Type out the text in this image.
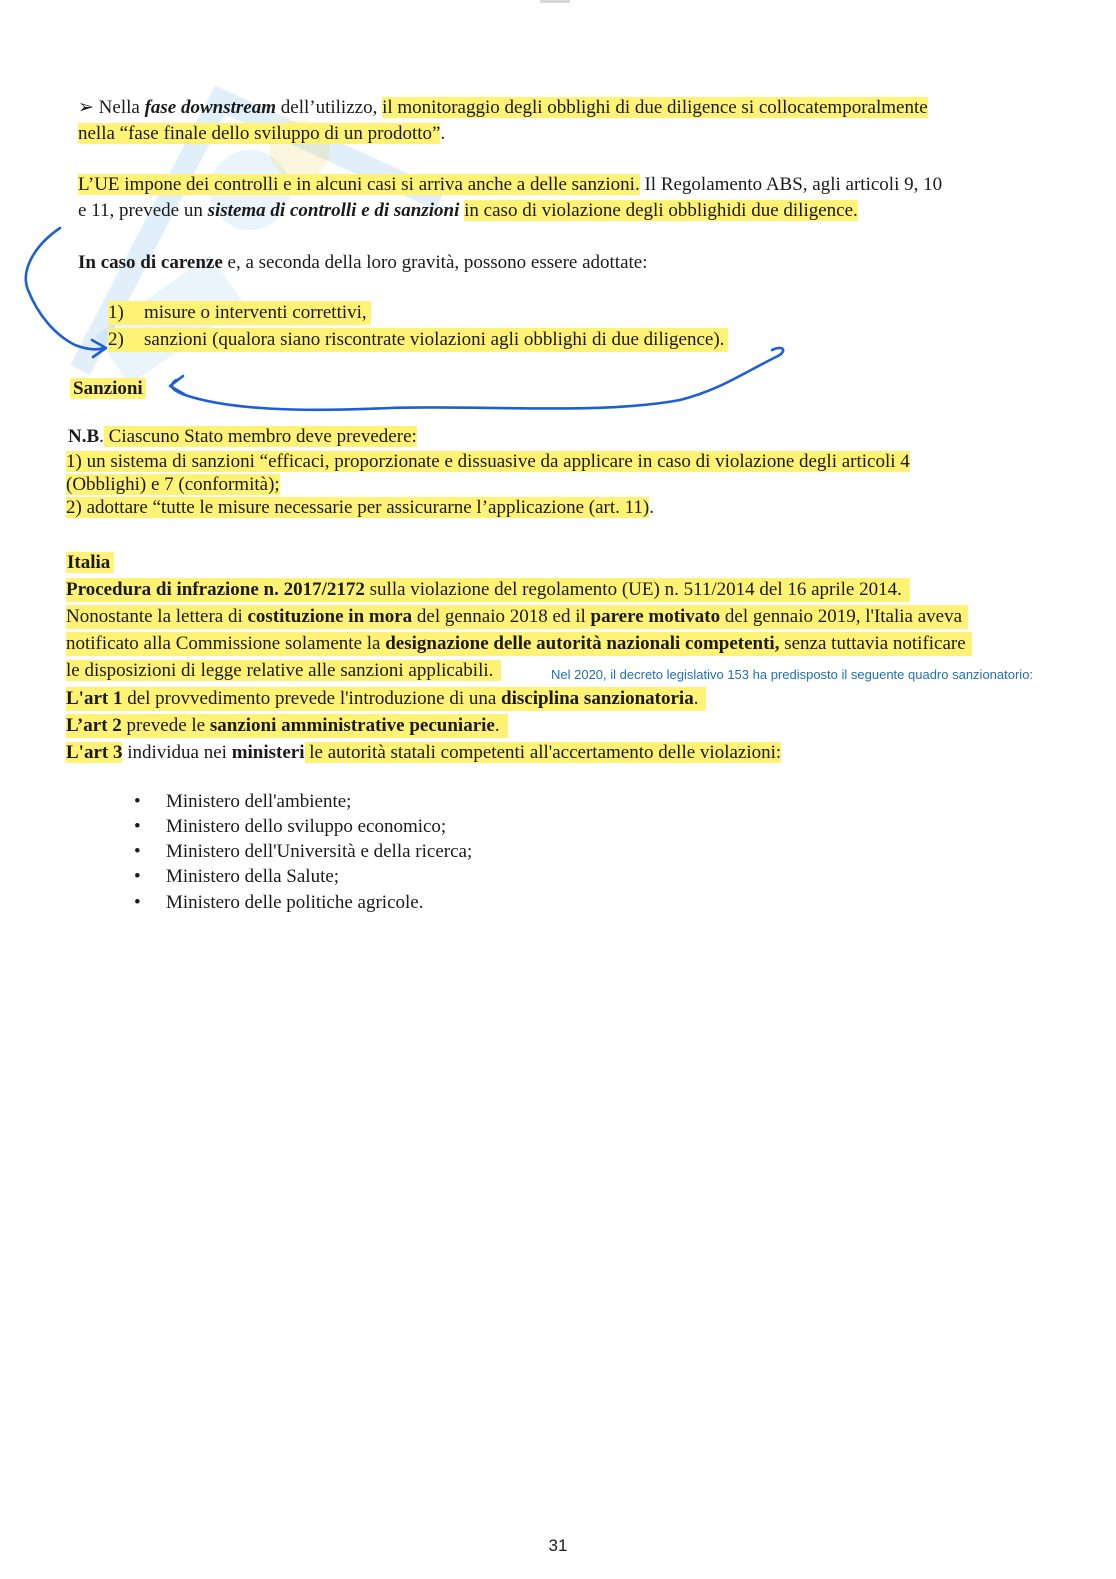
➢ Nella fase downstream dell’utilizzo, il monitoraggio degli obblighi di due diligence si collocatemporalmente
nella “fase finale dello sviluppo di un prodotto”.
L’UE impone dei controlli e in alcuni casi si arriva anche a delle sanzioni. Il Regolamento ABS, agli articoli 9, 10
e 11, prevede un sistema di controlli e di sanzioni in caso di violazione degli obblighidi due diligence.
In caso di carenze e, a seconda della loro gravità, possono essere adottate:
1) misure o interventi correttivi,
2) sanzioni (qualora siano riscontrate violazioni agli obblighi di due diligence).
Sanzioni
N.B. Ciascuno Stato membro deve prevedere:
1) un sistema di sanzioni “efficaci, proporzionate e dissuasive da applicare in caso di violazione degli articoli 4
(Obblighi) e 7 (conformità);
2) adottare “tutte le misure necessarie per assicurarne l’applicazione (art. 11).
Italia
Procedura di infrazione n. 2017/2172 sulla violazione del regolamento (UE) n. 511/2014 del 16 aprile 2014.
Nonostante la lettera di costituzione in mora del gennaio 2018 ed il parere motivato del gennaio 2019, l'Italia aveva
notificato alla Commissione solamente la designazione delle autorità nazionali competenti, senza tuttavia notificare
le disposizioni di legge relative alle sanzioni applicabili.	Nel 2020, il decreto legislativo 153 ha predisposto il seguente quadro sanzionatorio:
L'art 1 del provvedimento prevede l'introduzione di una disciplina sanzionatoria.
L’art 2 prevede le sanzioni amministrative pecuniarie.
L'art 3 individua nei ministeri le autorità statali competenti all'accertamento delle violazioni:
• Ministero dell'ambiente;
• Ministero dello sviluppo economico;
• Ministero dell'Università e della ricerca;
• Ministero della Salute;
• Ministero delle politiche agricole.
31
